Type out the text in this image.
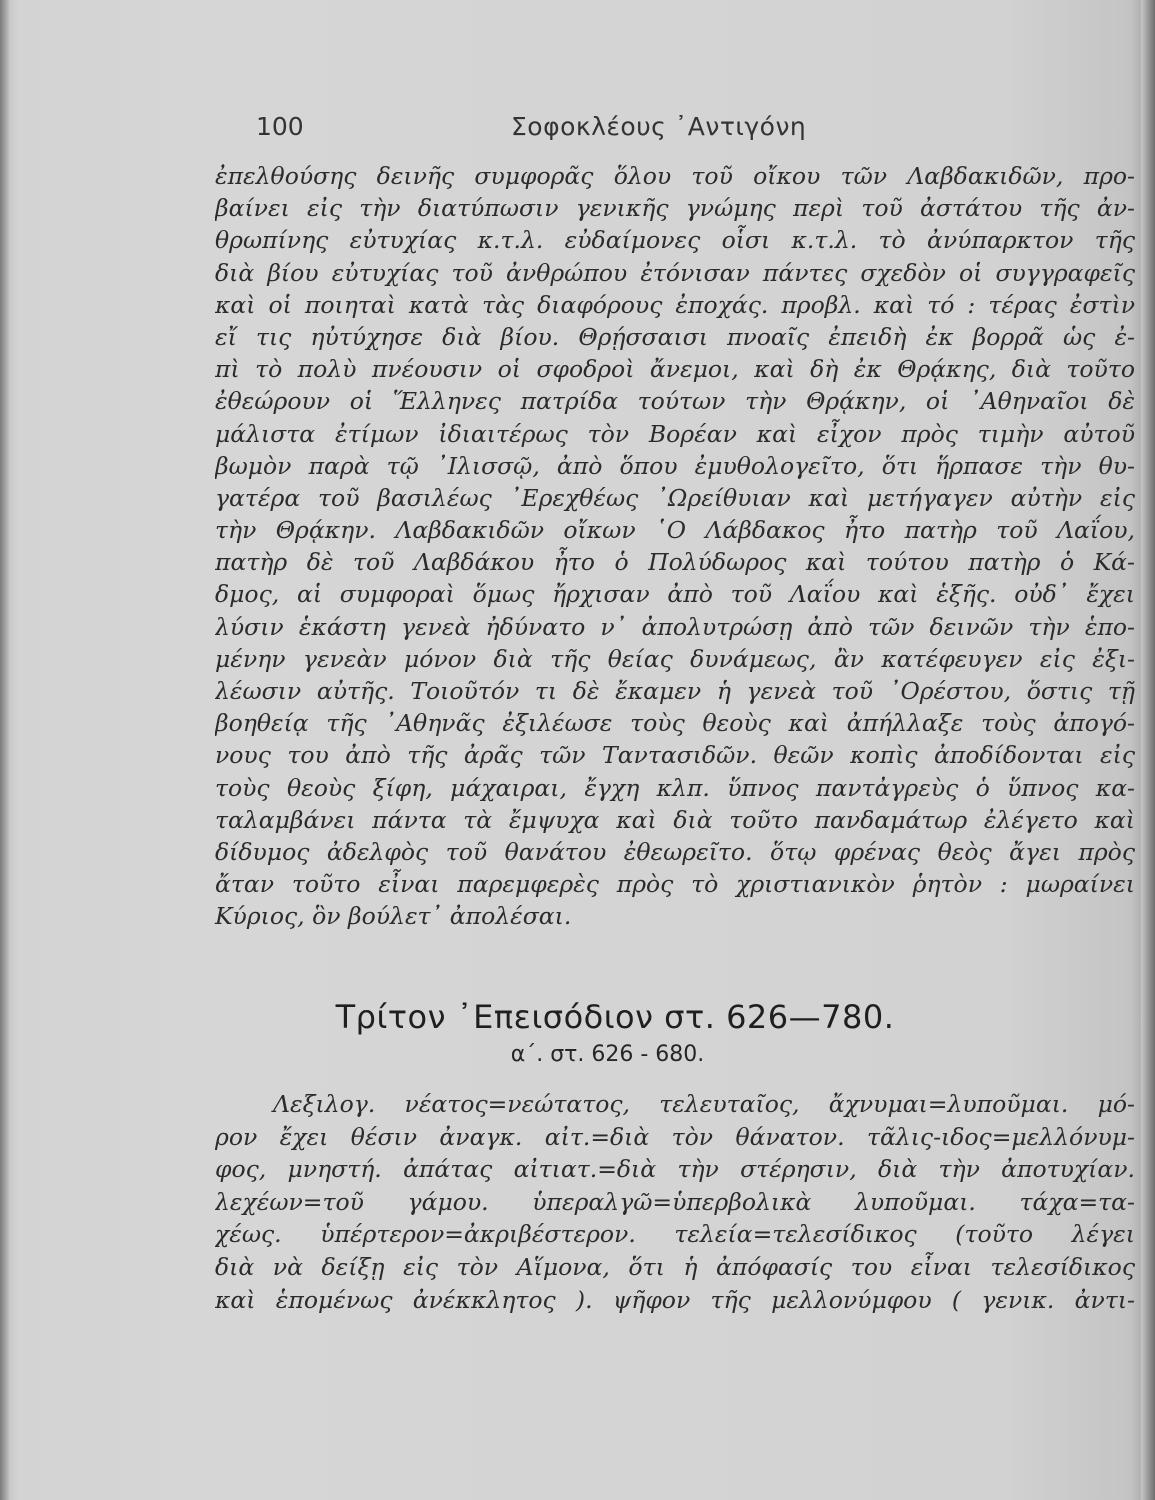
100	Σοφοκλέους ᾿Αντιγόνη
ἐπελθούσης δεινῆς συμφορᾶς ὅλου τοῦ οἴκου τῶν Λαβδακιδῶν, προ-
βαίνει εἰς τὴν διατύπωσιν γενικῆς γνώμης περὶ τοῦ ἀστάτου τῆς ἀν-
θρωπίνης εὐτυχίας κ.τ.λ. εὐδαίμονες οἷσι κ.τ.λ. τὸ ἀνύπαρκτον τῆς
διὰ βίου εὐτυχίας τοῦ ἀνθρώπου ἐτόνισαν πάντες σχεδὸν οἱ συγγραφεῖς
καὶ οἱ ποιηταὶ κατὰ τὰς διαφόρους ἐποχάς. προβλ. καὶ τό : τέρας ἐστὶν
εἴ τις ηὐτύχησε διὰ βίου. Θρῄσσαισι πνοαῖς ἐπειδὴ ἐκ βορρᾶ ὡς ἐ-
πὶ τὸ πολὺ πνέουσιν οἱ σφοδροὶ ἄνεμοι, καὶ δὴ ἐκ Θρᾴκης, διὰ τοῦτο
ἐθεώρουν οἱ Ἕλληνες πατρίδα τούτων τὴν Θρᾴκην, οἱ ᾿Αθηναῖοι δὲ
μάλιστα ἐτίμων ἰδιαιτέρως τὸν Βορέαν καὶ εἶχον πρὸς τιμὴν αὐτοῦ
βωμὸν παρὰ τῷ ᾿Ιλισσῷ, ἀπὸ ὅπου ἐμυθολογεῖτο, ὅτι ἥρπασε τὴν θυ-
γατέρα τοῦ βασιλέως ᾿Ερεχθέως ᾿Ωρείθυιαν καὶ μετήγαγεν αὐτὴν εἰς
τὴν Θρᾴκην. Λαβδακιδῶν οἴκων ῾Ο Λάβδακος ἦτο πατὴρ τοῦ Λαΐου,
πατὴρ δὲ τοῦ Λαβδάκου ἦτο ὁ Πολύδωρος καὶ τούτου πατὴρ ὁ Κά-
δμος, αἱ συμφοραὶ ὅμως ἤρχισαν ἀπὸ τοῦ Λαΐου καὶ ἑξῆς. οὐδ᾿ ἔχει
λύσιν ἑκάστη γενεὰ ἠδύνατο ν᾿ ἀπολυτρώσῃ ἀπὸ τῶν δεινῶν τὴν ἑπο-
μένην γενεὰν μόνον διὰ τῆς θείας δυνάμεως, ἂν κατέφευγεν εἰς ἐξι-
λέωσιν αὐτῆς. Τοιοῦτόν τι δὲ ἔκαμεν ἡ γενεὰ τοῦ ᾿Ορέστου, ὅστις τῇ
βοηθείᾳ τῆς ᾿Αθηνᾶς ἐξιλέωσε τοὺς θεοὺς καὶ ἀπήλλαξε τοὺς ἀπογό-
νους του ἀπὸ τῆς ἀρᾶς τῶν Ταντασιδῶν. θεῶν κοπὶς ἀποδίδονται εἰς
τοὺς θεοὺς ξίφη, μάχαιραι, ἔγχη κλπ. ὕπνος παντἀγρεὺς ὁ ὕπνος κα-
ταλαμβάνει πάντα τὰ ἔμψυχα καὶ διὰ τοῦτο πανδαμάτωρ ἐλέγετο καὶ
δίδυμος ἀδελφὸς τοῦ θανάτου ἐθεωρεῖτο. ὅτῳ φρένας θεὸς ἄγει πρὸς
ἄταν τοῦτο εἶναι παρεμφερὲς πρὸς τὸ χριστιανικὸν ῥητὸν : μωραίνει
Κύριος, ὃν βούλετ᾿ ἀπολέσαι.
Τρίτον ᾿Επεισόδιον στ. 626—780.
α΄. στ. 626 - 680.
Λεξιλογ. νέατος=νεώτατος, τελευταῖος, ἄχνυμαι=λυποῦμαι. μό-
ρον ἔχει θέσιν ἀναγκ. αἰτ.=διὰ τὸν θάνατον. τᾶλις-ιδος=μελλόνυμ-
φος, μνηστή. ἀπάτας αἰτιατ.=διὰ τὴν στέρησιν, διὰ τὴν ἀποτυχίαν.
λεχέων=τοῦ γάμου. ὑπεραλγῶ=ὑπερβολικὰ λυποῦμαι. τάχα=τα-
χέως. ὑπέρτερον=ἀκριβέστερον. τελεία=τελεσίδικος (τοῦτο λέγει
διὰ νὰ δείξῃ εἰς τὸν Αἵμονα, ὅτι ἡ ἀπόφασίς του εἶναι τελεσίδικος
καὶ ἑπομένως ἀνέκκλητος ). ψῆφον τῆς μελλονύμφου ( γενικ. ἀντι-
